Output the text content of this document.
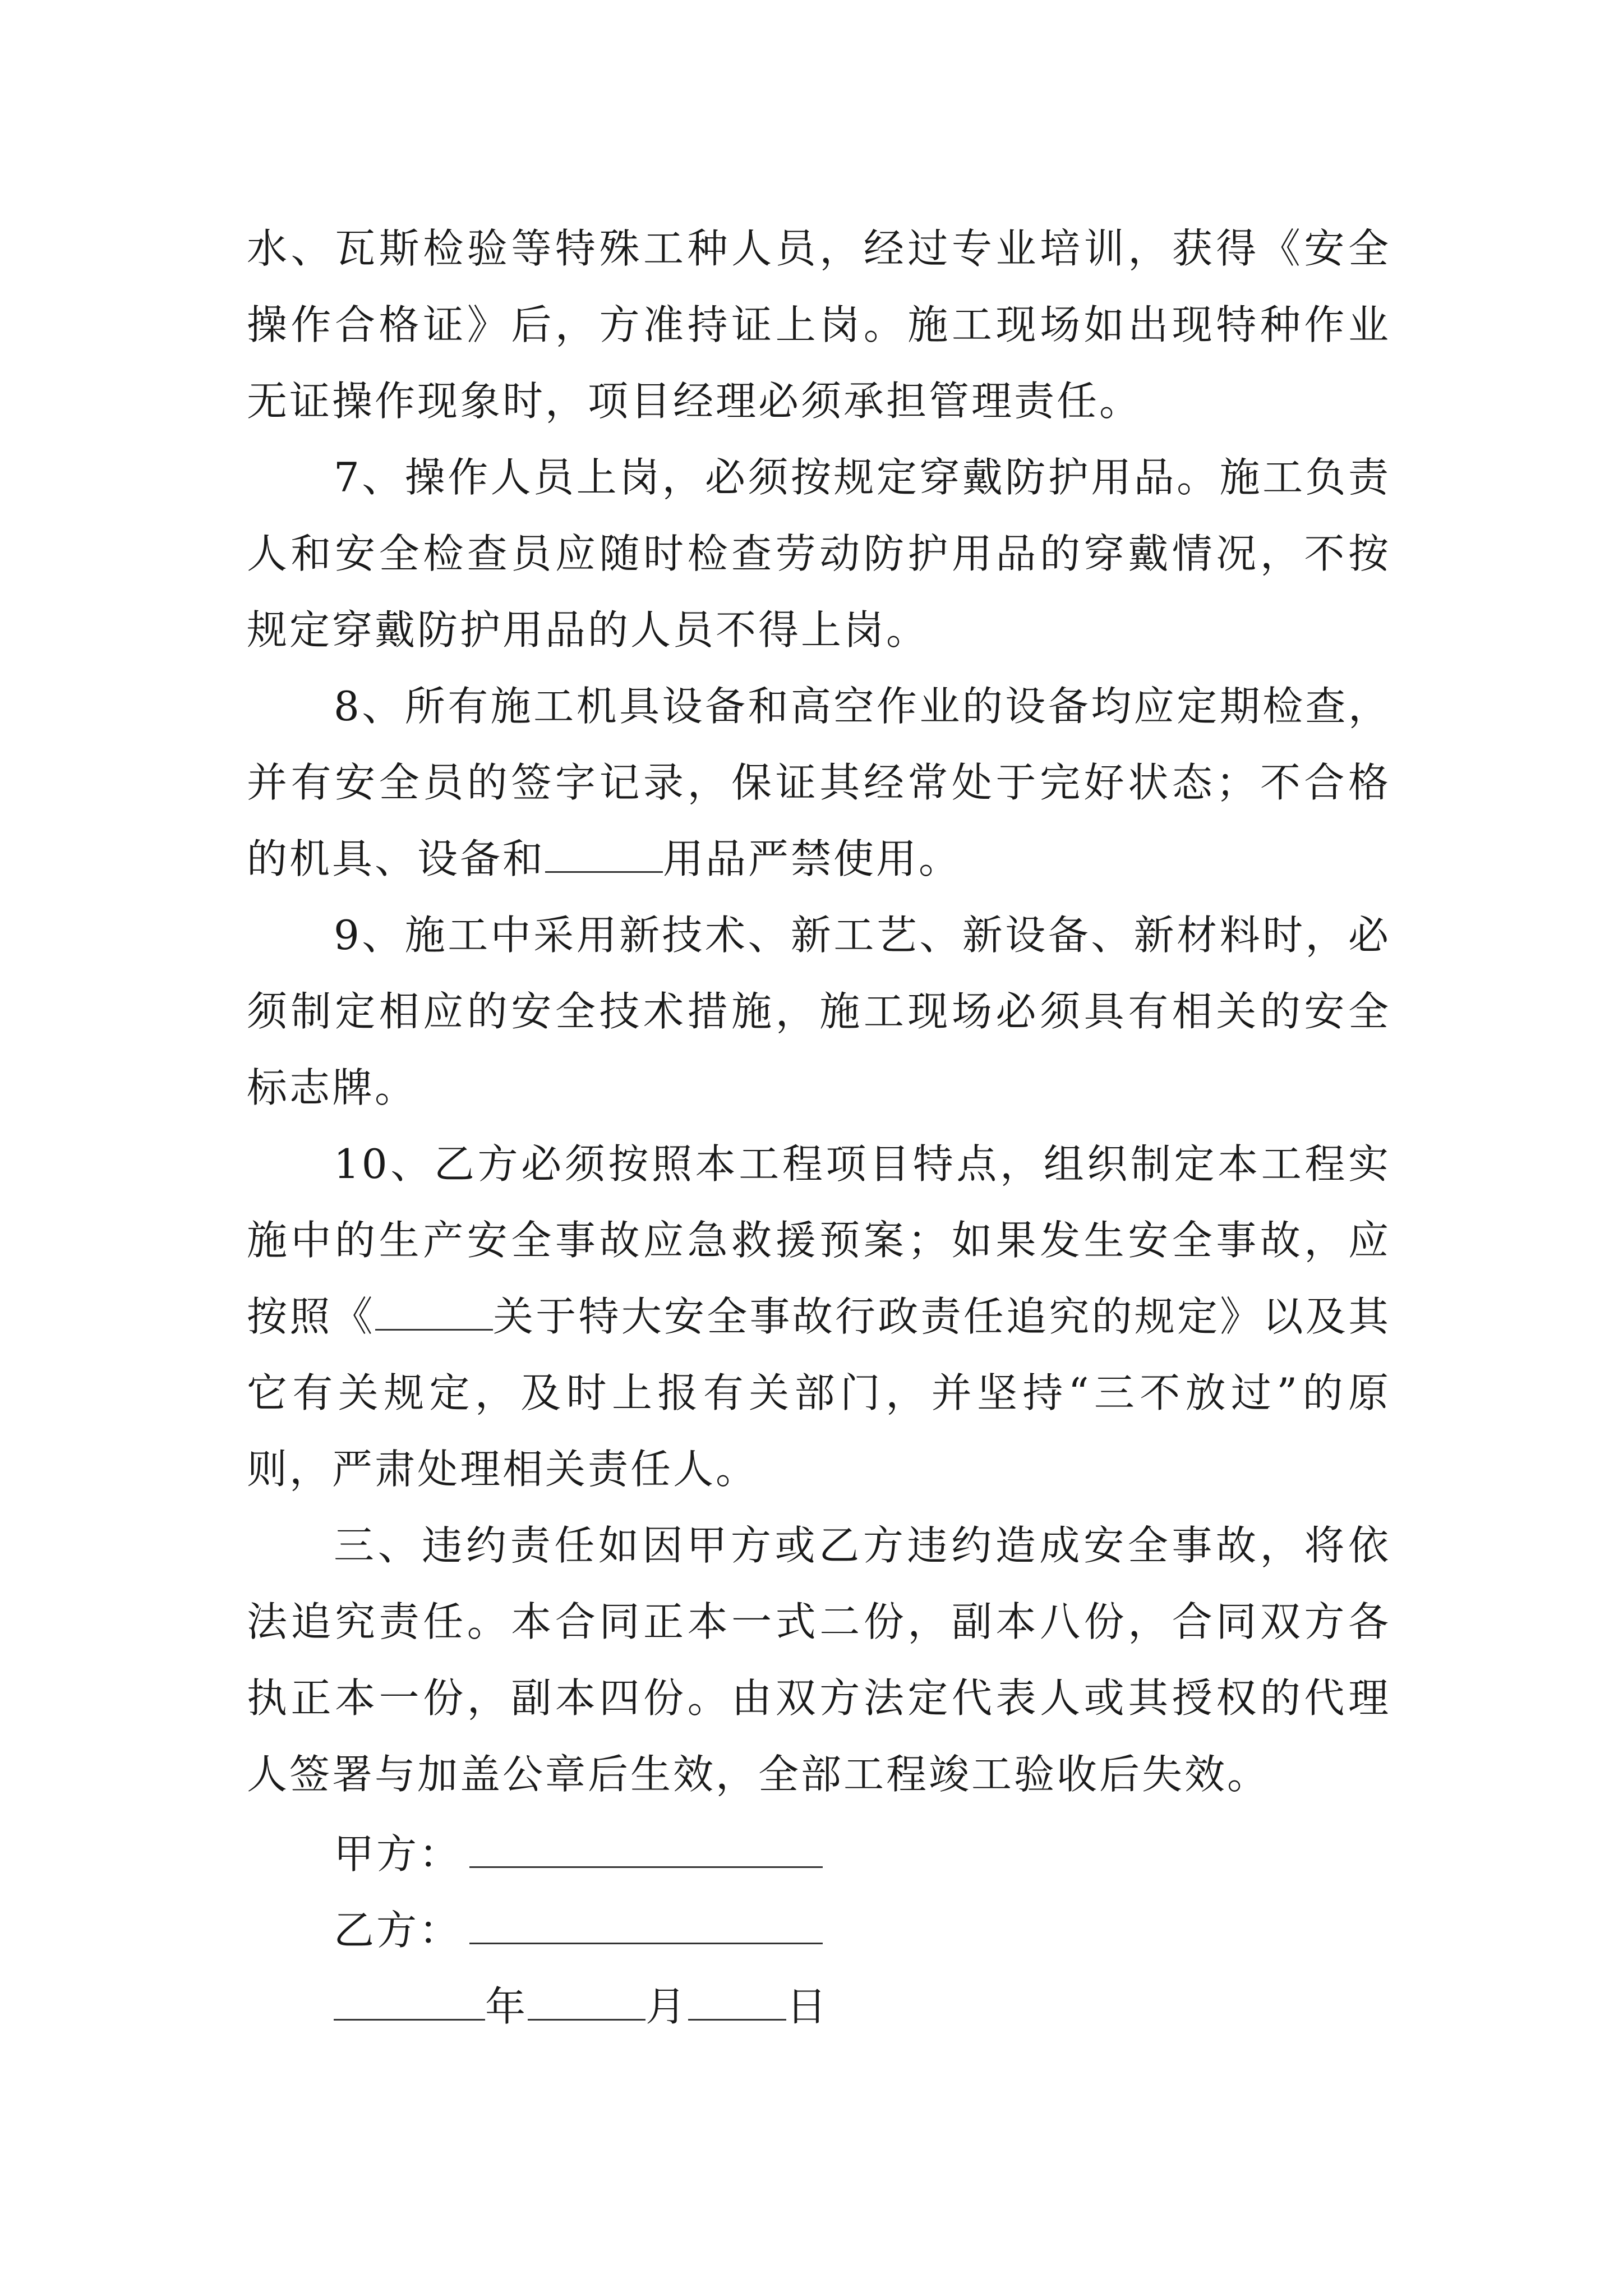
水、瓦斯检验等特殊工种人员，经过专业培训，获得《安全操作合格证》后，方准持证上岗。施工现场如出现特种作业无证操作现象时，项目经理必须承担管理责任。

7、操作人员上岗，必须按规定穿戴防护用品。施工负责人和安全检查员应随时检查劳动防护用品的穿戴情况，不按规定穿戴防护用品的人员不得上岗。

8、所有施工机具设备和高空作业的设备均应定期检查，并有安全员的签字记录，保证其经常处于完好状态；不合格的机具、设备和	用品严禁使用。

9、施工中采用新技术、新工艺、新设备、新材料时，必须制定相应的安全技术措施，施工现场必须具有相关的安全标志牌。

10、乙方必须按照本工程项目特点，组织制定本工程实施中的生产安全事故应急救援预案；如果发生安全事故，应按照《	关于特大安全事故行政责任追究的规定》以及其它有关规定，及时上报有关部门，并坚持“三不放过”的原则，严肃处理相关责任人。

三、违约责任如因甲方或乙方违约造成安全事故，将依法追究责任。本合同正本一式二份，副本八份，合同双方各执正本一份，副本四份。由双方法定代表人或其授权的代理人签署与加盖公章后生效，全部工程竣工验收后失效。

甲方：
乙方：
年	月 日
